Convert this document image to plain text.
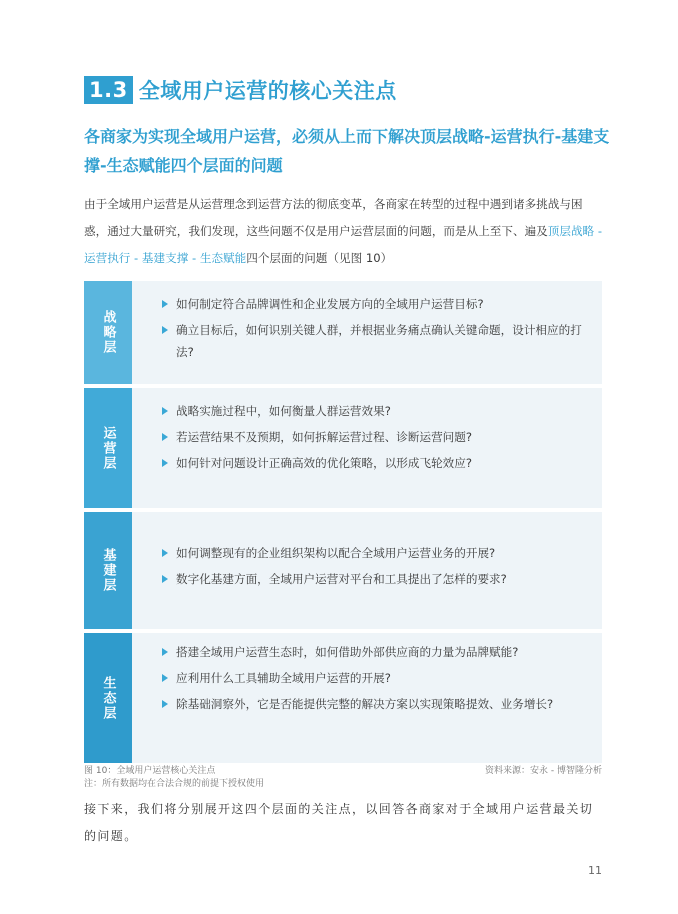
1.3 全域用户运营的核心关注点
各商家为实现全域用户运营，必须从上而下解决顶层战略-运营执行-基建支撑-生态赋能四个层面的问题
由于全域用户运营是从运营理念到运营方法的彻底变革，各商家在转型的过程中遇到诸多挑战与困惑，通过大量研究，我们发现，这些问题不仅是用户运营层面的问题，而是从上至下、遍及顶层战略 - 运营执行 - 基建支撑 - 生态赋能四个层面的问题（见图 10）
战略层
如何制定符合品牌调性和企业发展方向的全域用户运营目标?
确立目标后，如何识别关键人群，并根据业务痛点确认关键命题，设计相应的打法?
运营层
战略实施过程中，如何衡量人群运营效果?
若运营结果不及预期，如何拆解运营过程、诊断运营问题?
如何针对问题设计正确高效的优化策略，以形成飞轮效应?
基建层	如何调整现有的企业组织架构以配合全域用户运营业务的开展?
数字化基建方面，全域用户运营对平台和工具提出了怎样的要求?
生态层
搭建全域用户运营生态时，如何借助外部供应商的力量为品牌赋能?
应利用什么工具辅助全域用户运营的开展?
除基础洞察外，它是否能提供完整的解决方案以实现策略提效、业务增长?
图 10：全域用户运营核心关注点	资料来源：安永 - 博智隆分析
注：所有数据均在合法合规的前提下授权使用
接下来，我们将分别展开这四个层面的关注点，以回答各商家对于全域用户运营最关切的问题。
11
